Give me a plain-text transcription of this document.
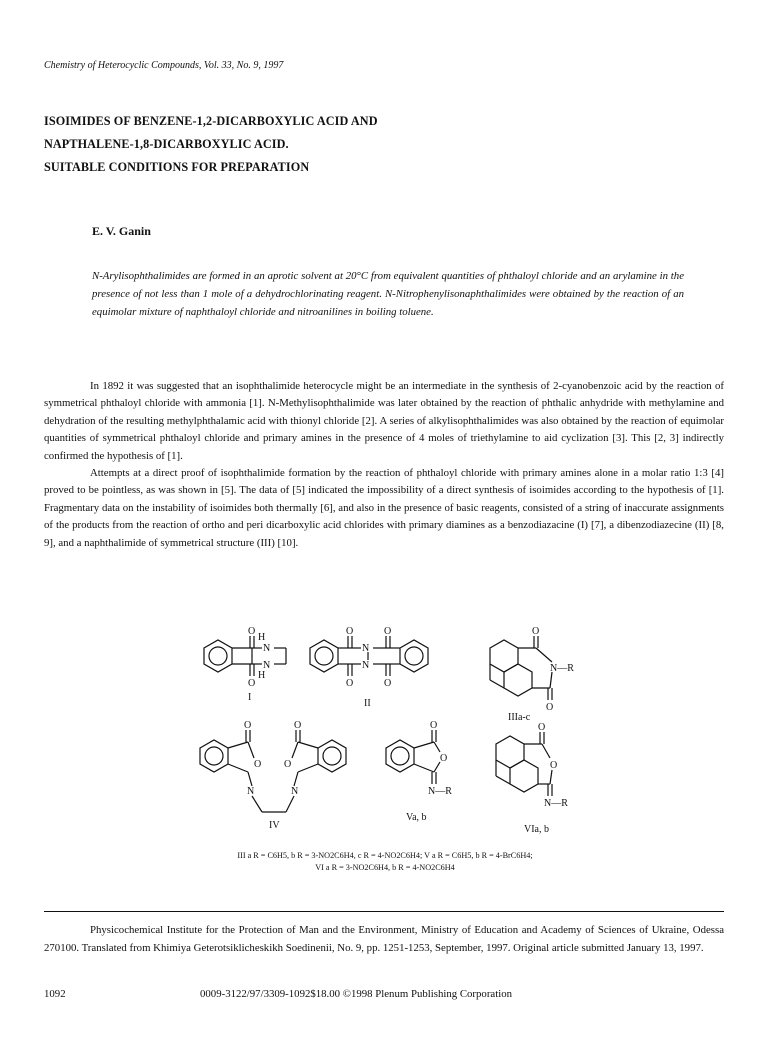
Chemistry of Heterocyclic Compounds, Vol. 33, No. 9, 1997
ISOIMIDES OF BENZENE-1,2-DICARBOXYLIC ACID AND
NAPTHALENE-1,8-DICARBOXYLIC ACID.
SUITABLE CONDITIONS FOR PREPARATION
E. V. Ganin
N-Arylisophthalimides are formed in an aprotic solvent at 20°C from equivalent quantities of phthaloyl chloride and an arylamine in the presence of not less than 1 mole of a dehydrochlorinating reagent. N-Nitrophenylisonaphthalimides were obtained by the reaction of an equimolar mixture of naphthaloyl chloride and nitroanilines in boiling toluene.

In 1892 it was suggested that an isophthalimide heterocycle might be an intermediate in the synthesis of 2-cyanobenzoic acid by the reaction of symmetrical phthaloyl chloride with ammonia [1]. N-Methylisophthalimide was later obtained by the reaction of phthalic anhydride with methylamine and dehydration of the resulting methylphthalamic acid with thionyl chloride [2]. A series of alkylisophthalimides was also obtained by the reaction of equimolar quantities of symmetrical phthaloyl chloride and primary amines in the presence of 4 moles of triethylamine to aid cyclization [3]. This [2, 3] indirectly confirmed the hypothesis of [1].

Attempts at a direct proof of isophthalimide formation by the reaction of phthaloyl chloride with primary amines alone in a molar ratio 1:3 [4] proved to be pointless, as was shown in [5]. The data of [5] indicated the impossibility of a direct synthesis of isoimides according to the hypothesis of [1]. Fragmentary data on the instability of isoimides both thermally [6], and also in the presence of basic reagents, consisted of a string of inaccurate assignments of the products from the reaction of ortho and peri dicarboxylic acid chlorides with primary diamines as a benzodiazacine (I) [7], a dibenzodiazecine (II) [8, 9], and a naphthalimide of symmetrical structure (III) [10].

O
H
N
N
H
O
I
O	O
N
N
O	O
II
O
N—R
O
IIIa-c
O	O
O O
N	N
IV
O
O
N—R
Va, b
O
O
N—R
VIa, b
III a R = C6H5, b R = 3-NO2C6H4, c R = 4-NO2C6H4; V a R = C6H5, b R = 4-BrC6H4;
VI a R = 3-NO2C6H4, b R = 4-NO2C6H4

Physicochemical Institute for the Protection of Man and the Environment, Ministry of Education and Academy of Sciences of Ukraine, Odessa 270100. Translated from Khimiya Geterotsiklicheskikh Soedinenii, No. 9, pp. 1251-1253, September, 1997. Original article submitted January 13, 1997.

1092	0009-3122/97/3309-1092$18.00 ©1998 Plenum Publishing Corporation
